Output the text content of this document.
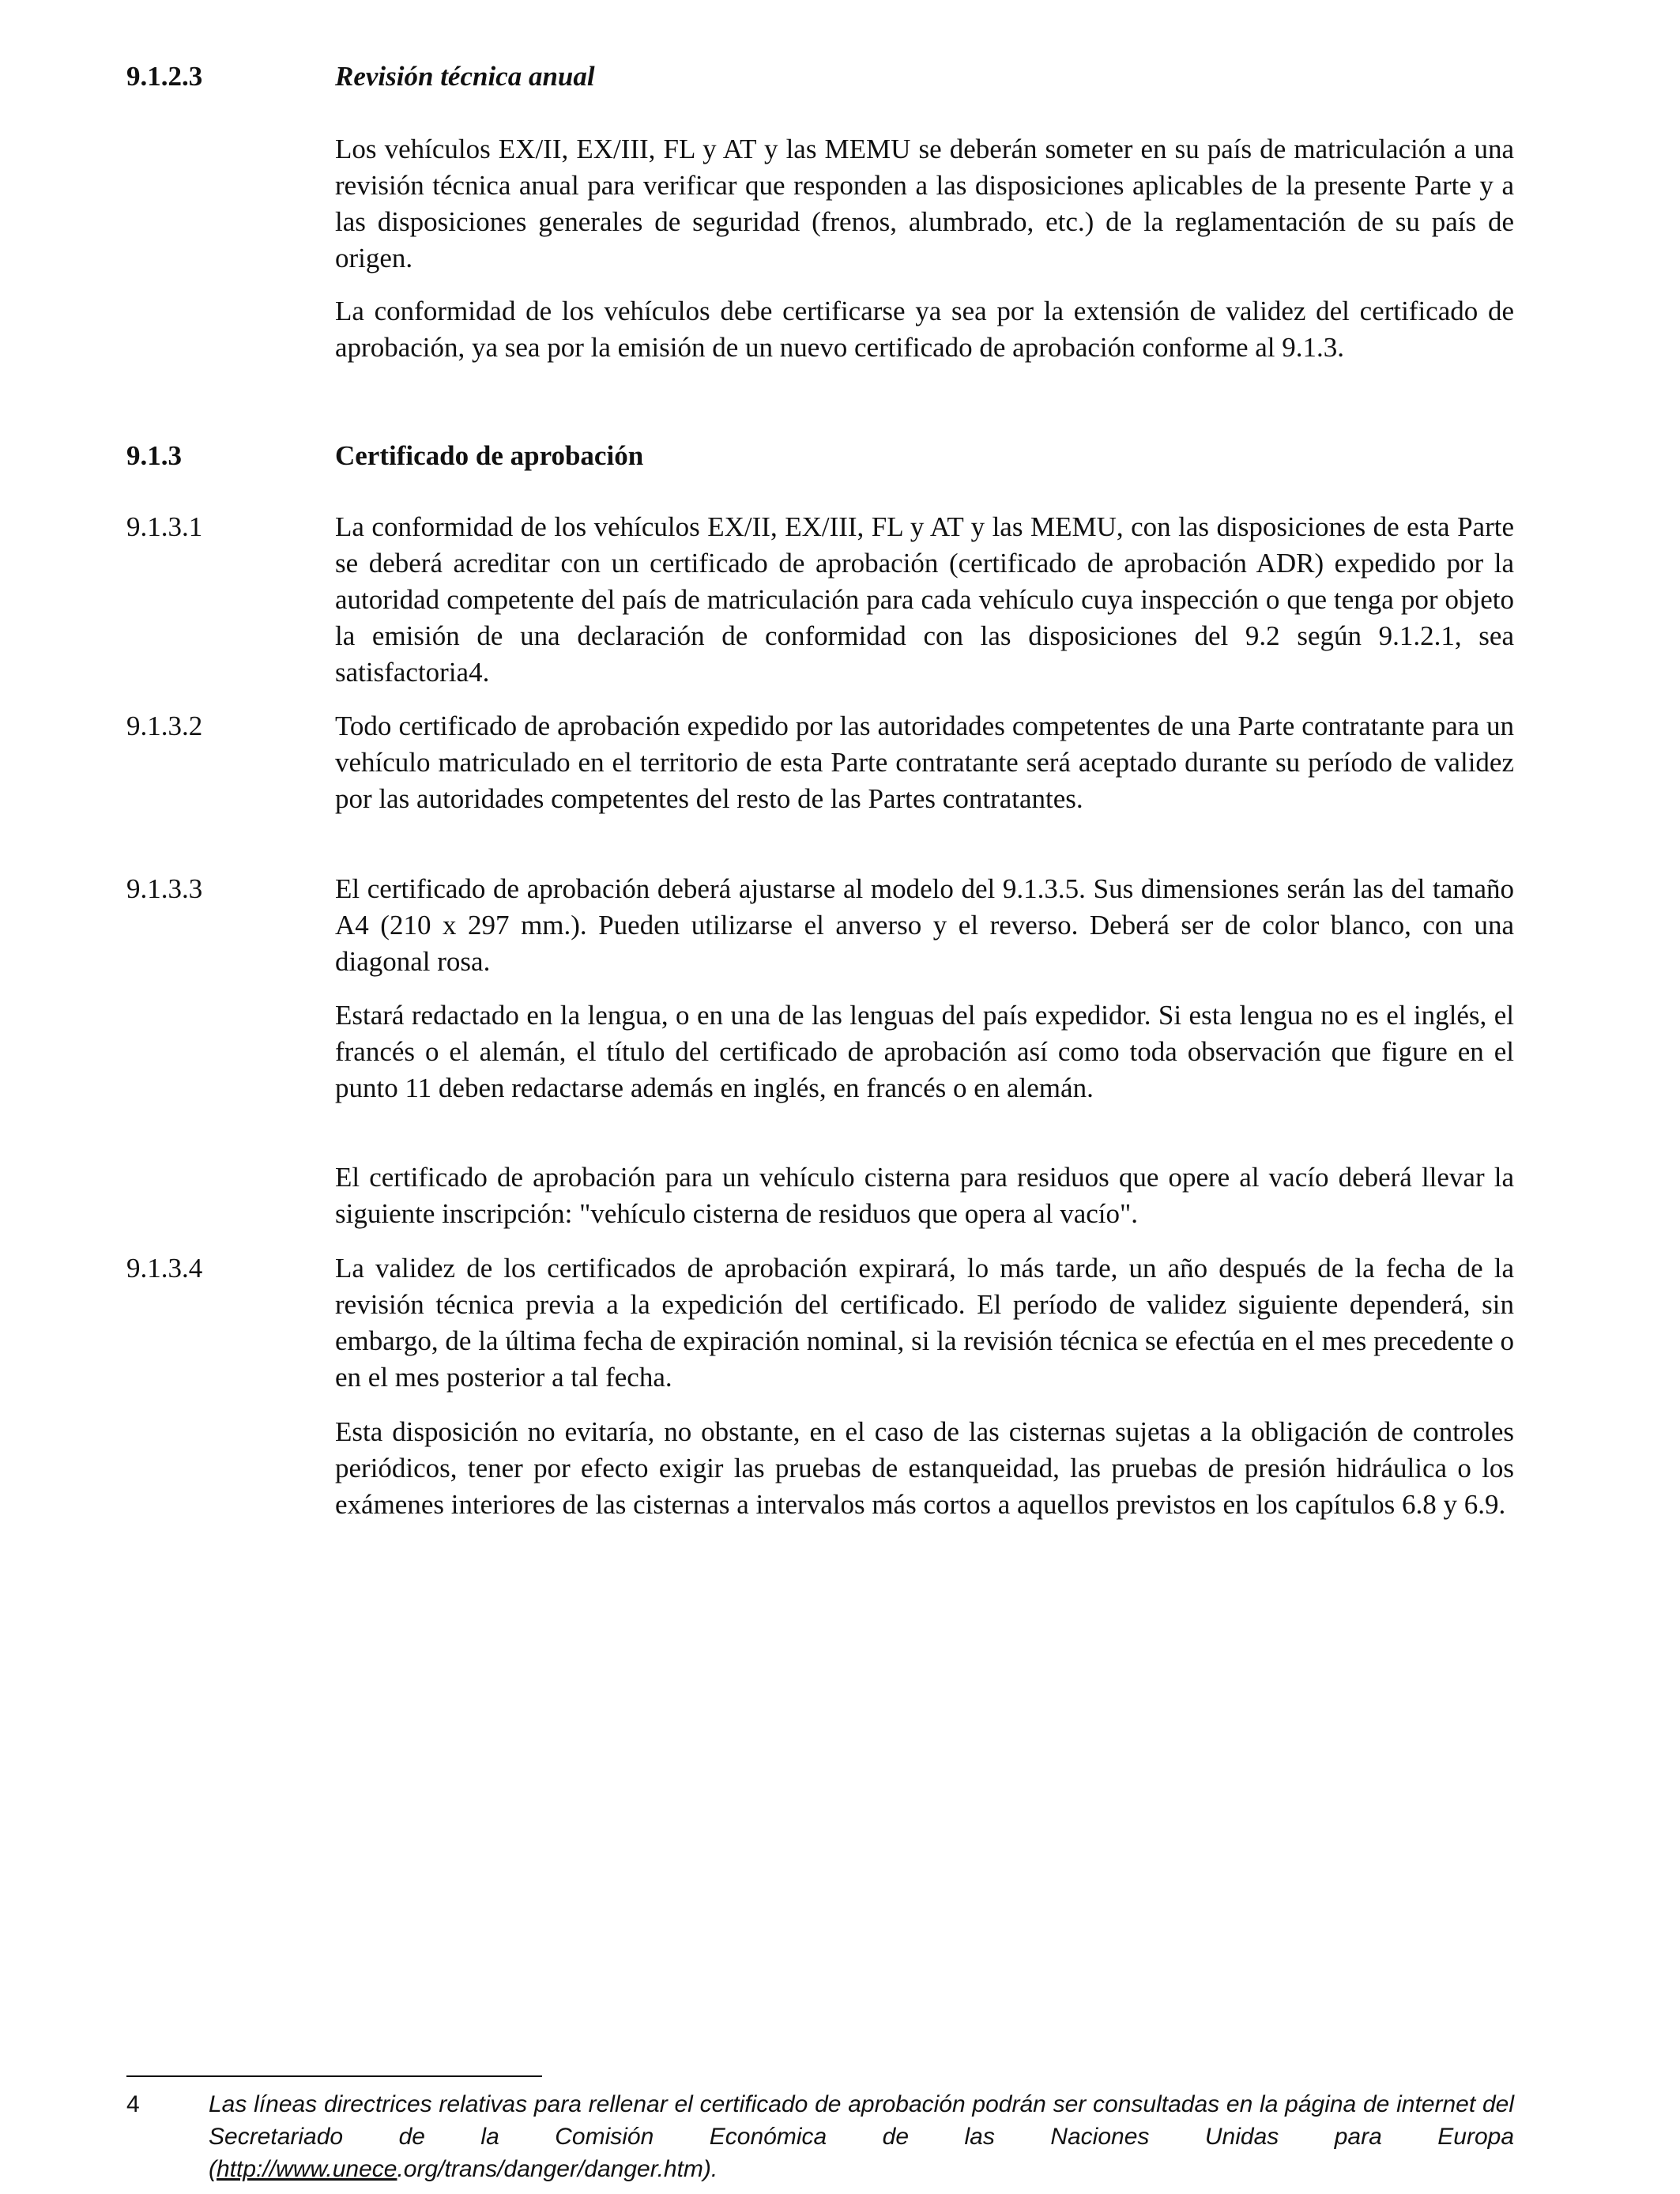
9.1.2.3	Revisión técnica anual

Los vehículos EX/II, EX/III, FL y AT y las MEMU se deberán someter en su país de matriculación a una revisión técnica anual para verificar que responden a las disposiciones aplicables de la presente Parte y a las disposiciones generales de seguridad (frenos, alumbrado, etc.) de la reglamentación de su país de origen.

La conformidad de los vehículos debe certificarse ya sea por la extensión de validez del certificado de aprobación, ya sea por la emisión de un nuevo certificado de aprobación conforme al 9.1.3.

9.1.3	Certificado de aprobación
9.1.3.1	La conformidad de los vehículos EX/II, EX/III, FL y AT y las MEMU, con las disposiciones de esta Parte se deberá acreditar con un certificado de aprobación (certificado de aprobación ADR) expedido por la autoridad competente del país de matriculación para cada vehículo cuya inspección o que tenga por objeto la emisión de una declaración de conformidad con las disposiciones del 9.2 según 9.1.2.1, sea satisfactoria4.

9.1.3.2	Todo certificado de aprobación expedido por las autoridades competentes de una Parte contratante para un vehículo matriculado en el territorio de esta Parte contratante será aceptado durante su período de validez por las autoridades competentes del resto de las Partes contratantes.

9.1.3.3	El certificado de aprobación deberá ajustarse al modelo del 9.1.3.5. Sus dimensiones serán las del tamaño A4 (210 x 297 mm.). Pueden utilizarse el anverso y el reverso. Deberá ser de color blanco, con una diagonal rosa.

Estará redactado en la lengua, o en una de las lenguas del país expedidor. Si esta lengua no es el inglés, el francés o el alemán, el título del certificado de aprobación así como toda observación que figure en el punto 11 deben redactarse además en inglés, en francés o en alemán.

El certificado de aprobación para un vehículo cisterna para residuos que opere al vacío deberá llevar la siguiente inscripción: "vehículo cisterna de residuos que opera al vacío".

9.1.3.4	La validez de los certificados de aprobación expirará, lo más tarde, un año después de la fecha de la revisión técnica previa a la expedición del certificado. El período de validez siguiente dependerá, sin embargo, de la última fecha de expiración nominal, si la revisión técnica se efectúa en el mes precedente o en el mes posterior a tal fecha.

Esta disposición no evitaría, no obstante, en el caso de las cisternas sujetas a la obligación de controles periódicos, tener por efecto exigir las pruebas de estanqueidad, las pruebas de presión hidráulica o los exámenes interiores de las cisternas a intervalos más cortos a aquellos previstos en los capítulos 6.8 y 6.9.

4	Las líneas directrices relativas para rellenar el certificado de aprobación podrán ser consultadas en la página de internet del Secretariado de la Comisión Económica de las Naciones Unidas para Europa (http://www.unece.org/trans/danger/danger.htm).
